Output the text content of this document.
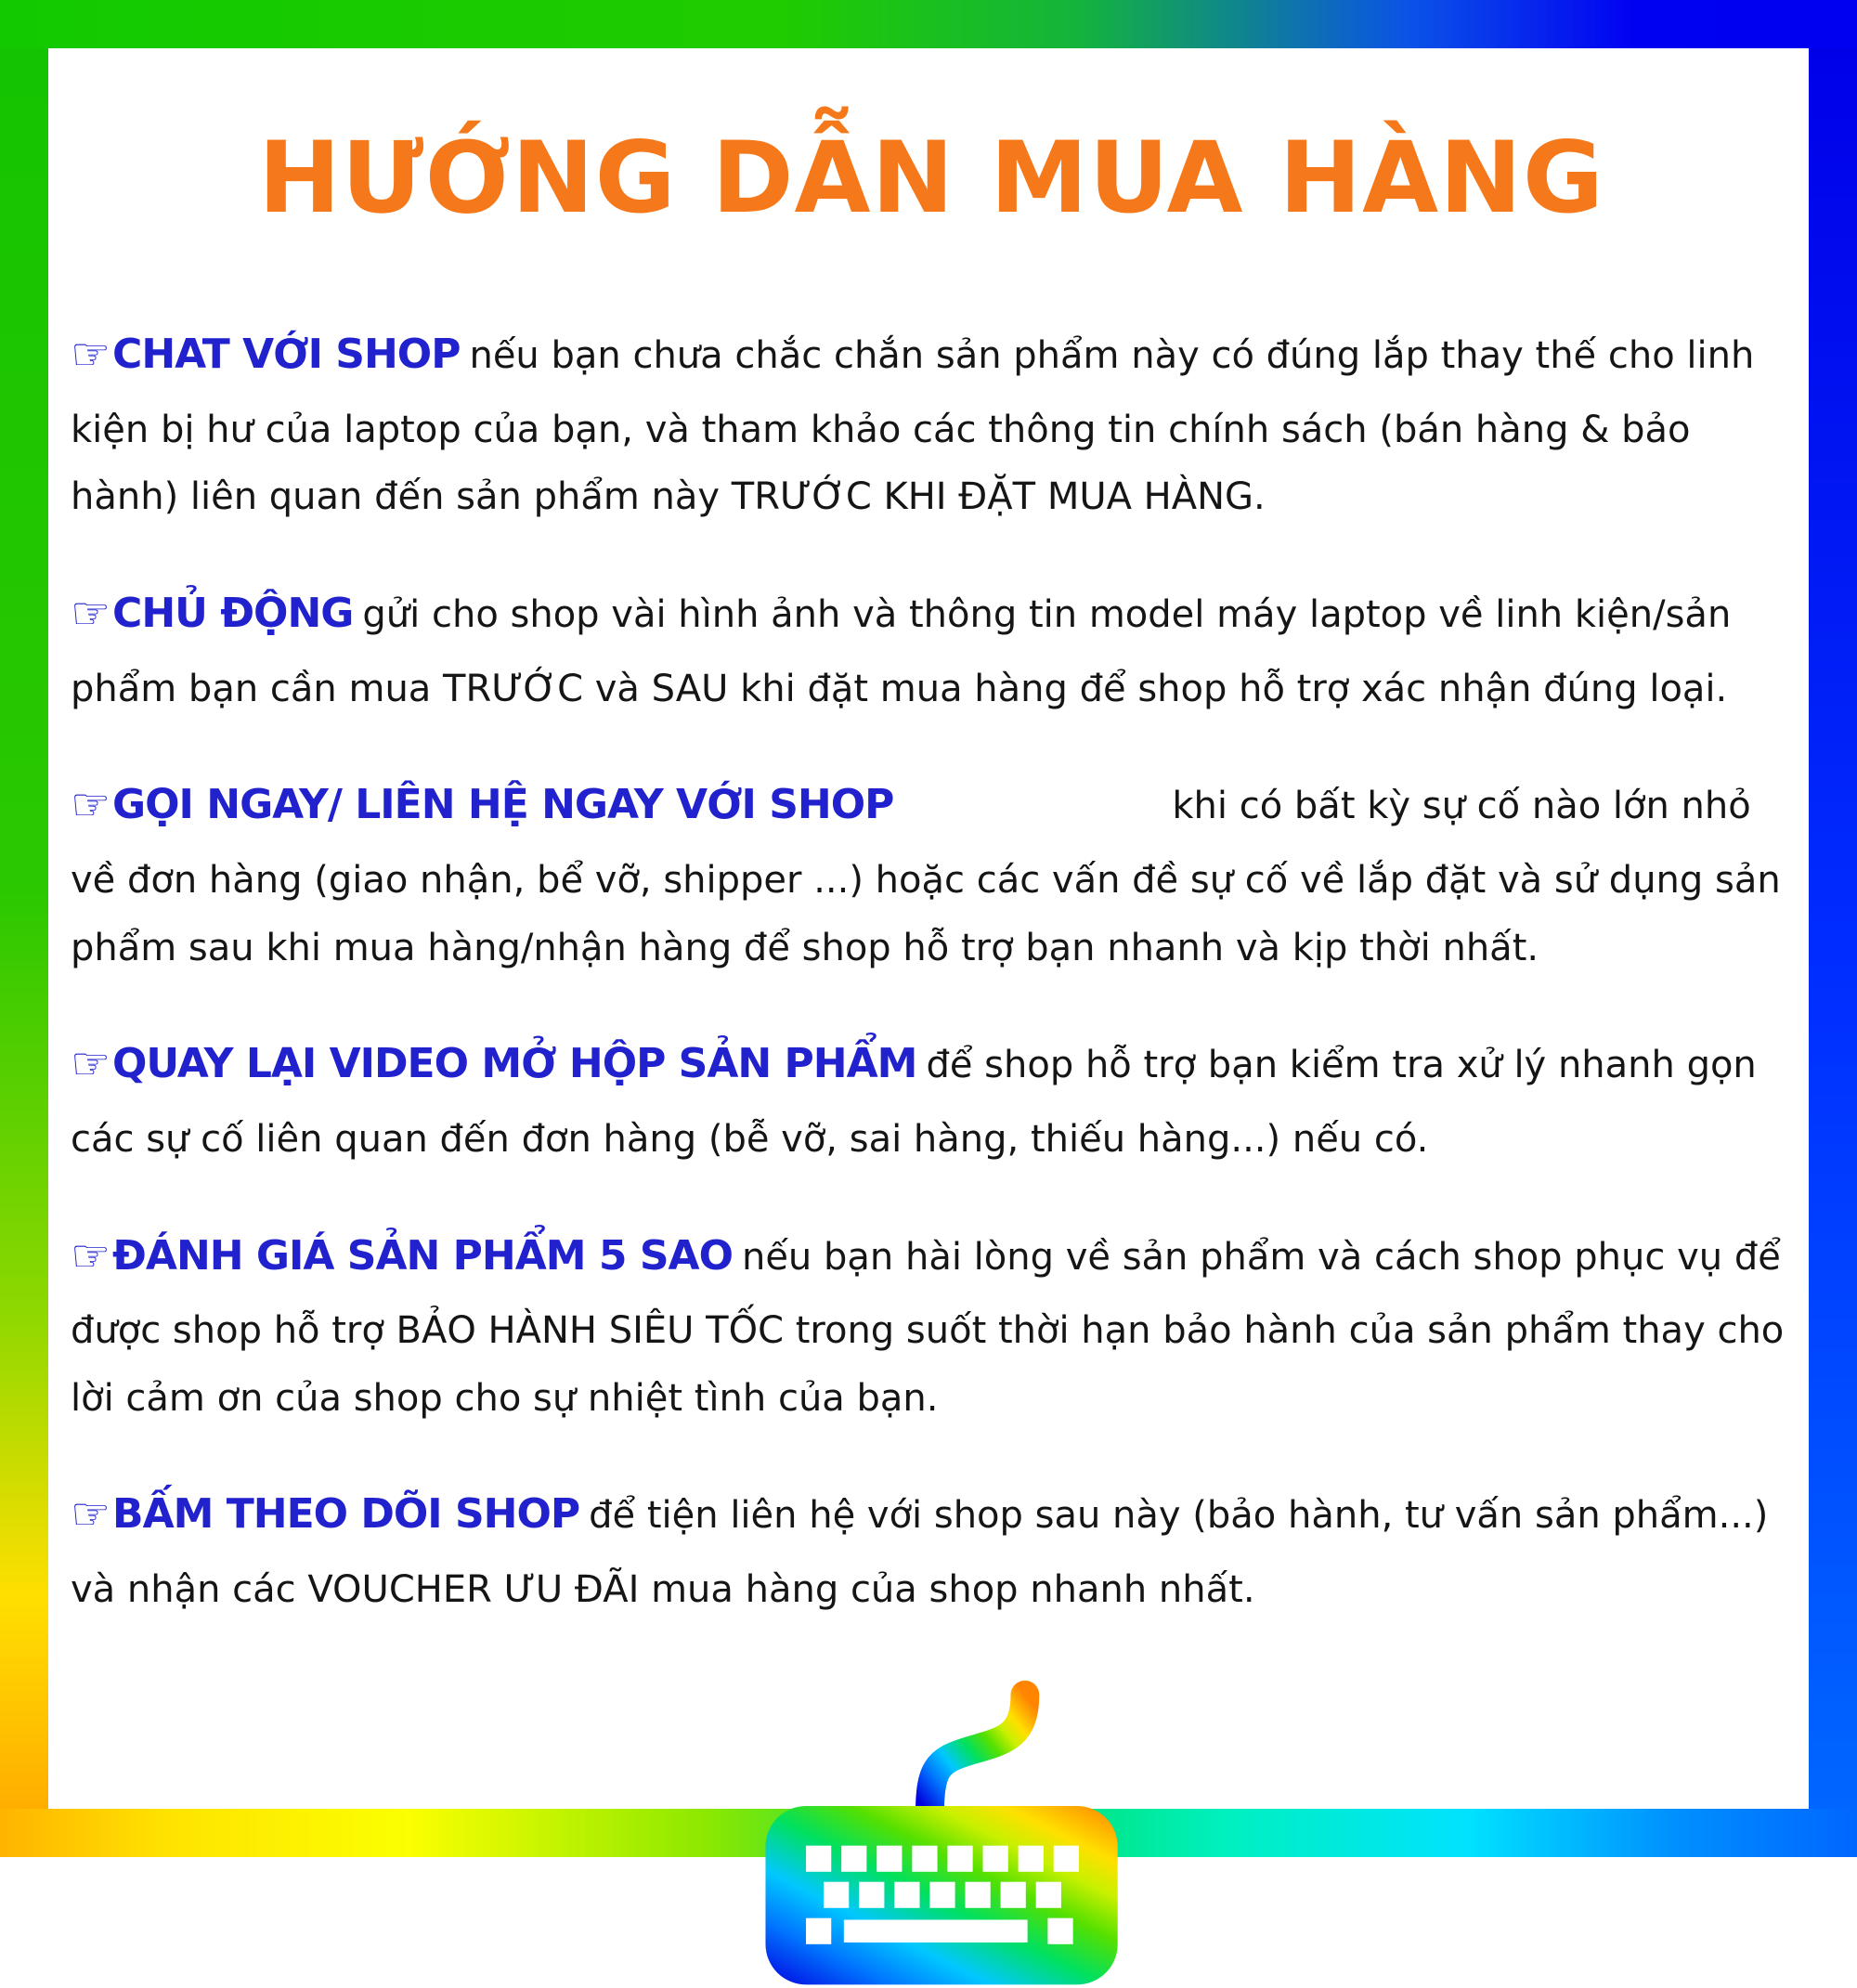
HƯỚNG DẪN MUA HÀNG

☞CHAT VỚI SHOP nếu bạn chưa chắc chắn sản phẩm này có đúng lắp thay thế cho linh kiện bị hư của laptop của bạn, và tham khảo các thông tin chính sách (bán hàng & bảo hành) liên quan đến sản phẩm này TRƯỚC KHI ĐẶT MUA HÀNG.

☞CHỦ ĐỘNG gửi cho shop vài hình ảnh và thông tin model máy laptop về linh kiện/sản phẩm bạn cần mua TRƯỚC và SAU khi đặt mua hàng để shop hỗ trợ xác nhận đúng loại.

☞GỌI NGAY/ LIÊN HỆ NGAY VỚI SHOP	khi có bất kỳ sự cố nào lớn nhỏ về đơn hàng (giao nhận, bể vỡ, shipper ...) hoặc các vấn đề sự cố về lắp đặt và sử dụng sản phẩm sau khi mua hàng/nhận hàng để shop hỗ trợ bạn nhanh và kịp thời nhất.

☞QUAY LẠI VIDEO MỞ HỘP SẢN PHẨM để shop hỗ trợ bạn kiểm tra xử lý nhanh gọn các sự cố liên quan đến đơn hàng (bễ vỡ, sai hàng, thiếu hàng...) nếu có.

☞ĐÁNH GIÁ SẢN PHẨM 5 SAO nếu bạn hài lòng về sản phẩm và cách shop phục vụ để được shop hỗ trợ BẢO HÀNH SIÊU TỐC trong suốt thời hạn bảo hành của sản phẩm thay cho lời cảm ơn của shop cho sự nhiệt tình của bạn.

☞BẤM THEO DÕI SHOP để tiện liên hệ với shop sau này (bảo hành, tư vấn sản phẩm...) và nhận các VOUCHER ƯU ĐÃI mua hàng của shop nhanh nhất.
